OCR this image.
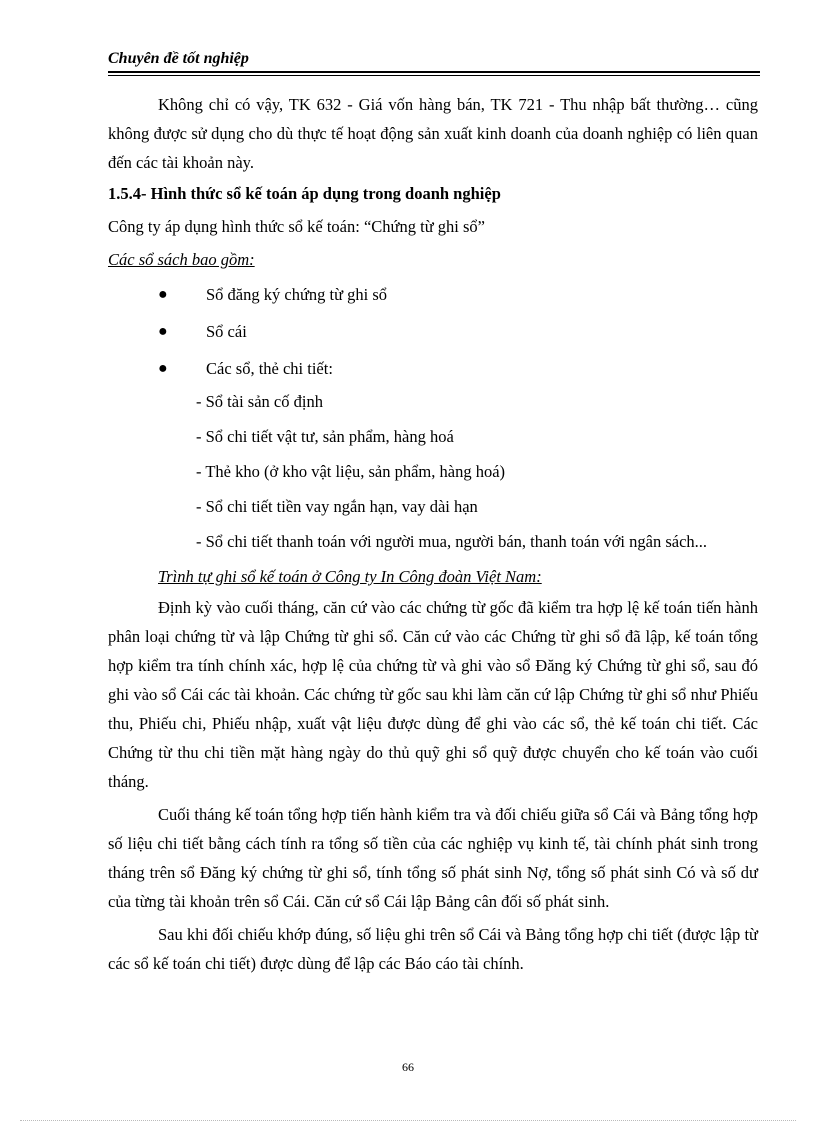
Chuyên đề tốt nghiệp

Không chỉ có vậy, TK 632 - Giá vốn hàng bán, TK 721 - Thu nhập bất thường… cũng không được sử dụng cho dù thực tế hoạt động sản xuất kinh doanh của doanh nghiệp có liên quan đến các tài khoản này.

1.5.4- Hình thức sổ kế toán áp dụng trong doanh nghiệp

Công ty áp dụng hình thức sổ kế toán: “Chứng từ ghi sổ”

Các sổ sách bao gồm:

● Sổ đăng ký chứng từ ghi sổ
● Sổ cái
● Các sổ, thẻ chi tiết:
- Sổ tài sản cố định
- Sổ chi tiết vật tư, sản phẩm, hàng hoá
- Thẻ kho (ở kho vật liệu, sản phẩm, hàng hoá)
- Sổ chi tiết tiền vay ngắn hạn, vay dài hạn
- Sổ chi tiết thanh toán với người mua, người bán, thanh toán với ngân sách...

Trình tự ghi sổ kế toán ở Công ty In Công đoàn Việt Nam:

Định kỳ vào cuối tháng, căn cứ vào các chứng từ gốc đã kiểm tra hợp lệ kế toán tiến hành phân loại chứng từ và lập Chứng từ ghi sổ. Căn cứ vào các Chứng từ ghi sổ đã lập, kế toán tổng hợp kiểm tra tính chính xác, hợp lệ của chứng từ và ghi vào sổ Đăng ký Chứng từ ghi sổ, sau đó ghi vào sổ Cái các tài khoản. Các chứng từ gốc sau khi làm căn cứ lập Chứng từ ghi sổ như Phiếu thu, Phiếu chi, Phiếu nhập, xuất vật liệu được dùng để ghi vào các sổ, thẻ kế toán chi tiết. Các Chứng từ thu chi tiền mặt hàng ngày do thủ quỹ ghi sổ quỹ được chuyển cho kế toán vào cuối tháng.

Cuối tháng kế toán tổng hợp tiến hành kiểm tra và đối chiếu giữa sổ Cái và Bảng tổng hợp số liệu chi tiết bằng cách tính ra tổng số tiền của các nghiệp vụ kinh tế, tài chính phát sinh trong tháng trên sổ Đăng ký chứng từ ghi sổ, tính tổng số phát sinh Nợ, tổng số phát sinh Có và số dư của từng tài khoản trên sổ Cái. Căn cứ sổ Cái lập Bảng cân đối số phát sinh.

Sau khi đối chiếu khớp đúng, số liệu ghi trên sổ Cái và Bảng tổng hợp chi tiết (được lập từ các sổ kế toán chi tiết) được dùng để lập các Báo cáo tài chính.

66
